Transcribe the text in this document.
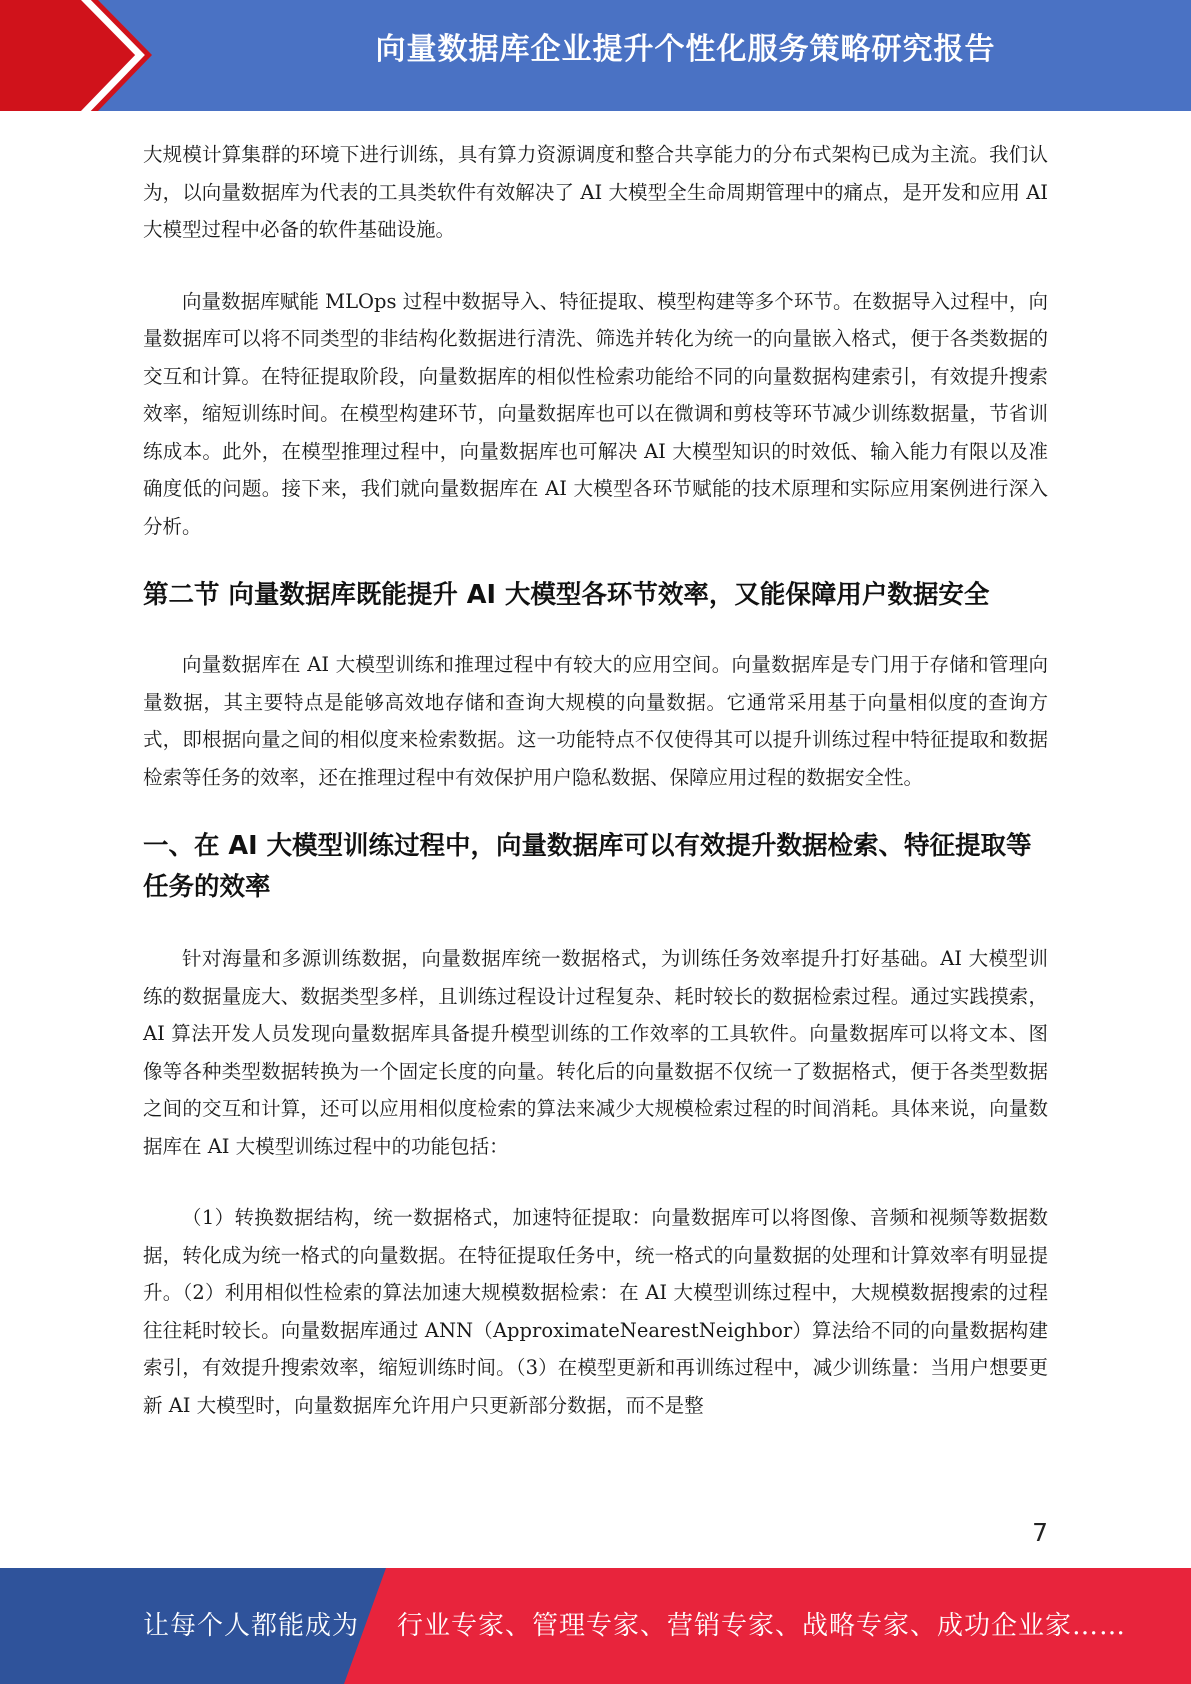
向量数据库企业提升个性化服务策略研究报告

大规模计算集群的环境下进行训练，具有算力资源调度和整合共享能力的分布式架构已成为主流。我们认为，以向量数据库为代表的工具类软件有效解决了 AI 大模型全生命周期管理中的痛点，是开发和应用 AI 大模型过程中必备的软件基础设施。

向量数据库赋能 MLOps 过程中数据导入、特征提取、模型构建等多个环节。在数据导入过程中，向量数据库可以将不同类型的非结构化数据进行清洗、筛选并转化为统一的向量嵌入格式，便于各类数据的交互和计算。在特征提取阶段，向量数据库的相似性检索功能给不同的向量数据构建索引，有效提升搜索效率，缩短训练时间。在模型构建环节，向量数据库也可以在微调和剪枝等环节减少训练数据量，节省训练成本。此外，在模型推理过程中，向量数据库也可解决 AI 大模型知识的时效低、输入能力有限以及准确度低的问题。接下来，我们就向量数据库在 AI 大模型各环节赋能的技术原理和实际应用案例进行深入分析。

第二节 向量数据库既能提升 AI 大模型各环节效率，又能保障用户数据安全

向量数据库在 AI 大模型训练和推理过程中有较大的应用空间。向量数据库是专门用于存储和管理向量数据，其主要特点是能够高效地存储和查询大规模的向量数据。它通常采用基于向量相似度的查询方式，即根据向量之间的相似度来检索数据。这一功能特点不仅使得其可以提升训练过程中特征提取和数据检索等任务的效率，还在推理过程中有效保护用户隐私数据、保障应用过程的数据安全性。

一、在 AI 大模型训练过程中，向量数据库可以有效提升数据检索、特征提取等任务的效率

针对海量和多源训练数据，向量数据库统一数据格式，为训练任务效率提升打好基础。AI 大模型训练的数据量庞大、数据类型多样，且训练过程设计过程复杂、耗时较长的数据检索过程。通过实践摸索，AI 算法开发人员发现向量数据库具备提升模型训练的工作效率的工具软件。向量数据库可以将文本、图像等各种类型数据转换为一个固定长度的向量。转化后的向量数据不仅统一了数据格式，便于各类型数据之间的交互和计算，还可以应用相似度检索的算法来减少大规模检索过程的时间消耗。具体来说，向量数据库在 AI 大模型训练过程中的功能包括：

（1）转换数据结构，统一数据格式，加速特征提取：向量数据库可以将图像、音频和视频等数据数据，转化成为统一格式的向量数据。在特征提取任务中，统一格式的向量数据的处理和计算效率有明显提升。（2）利用相似性检索的算法加速大规模数据检索：在 AI 大模型训练过程中，大规模数据搜索的过程往往耗时较长。向量数据库通过 ANN（ApproximateNearestNeighbor）算法给不同的向量数据构建索引，有效提升搜索效率，缩短训练时间。（3）在模型更新和再训练过程中，减少训练量：当用户想要更新 AI 大模型时，向量数据库允许用户只更新部分数据，而不是整

7
让每个人都能成为 行业专家、管理专家、营销专家、战略专家、成功企业家……
